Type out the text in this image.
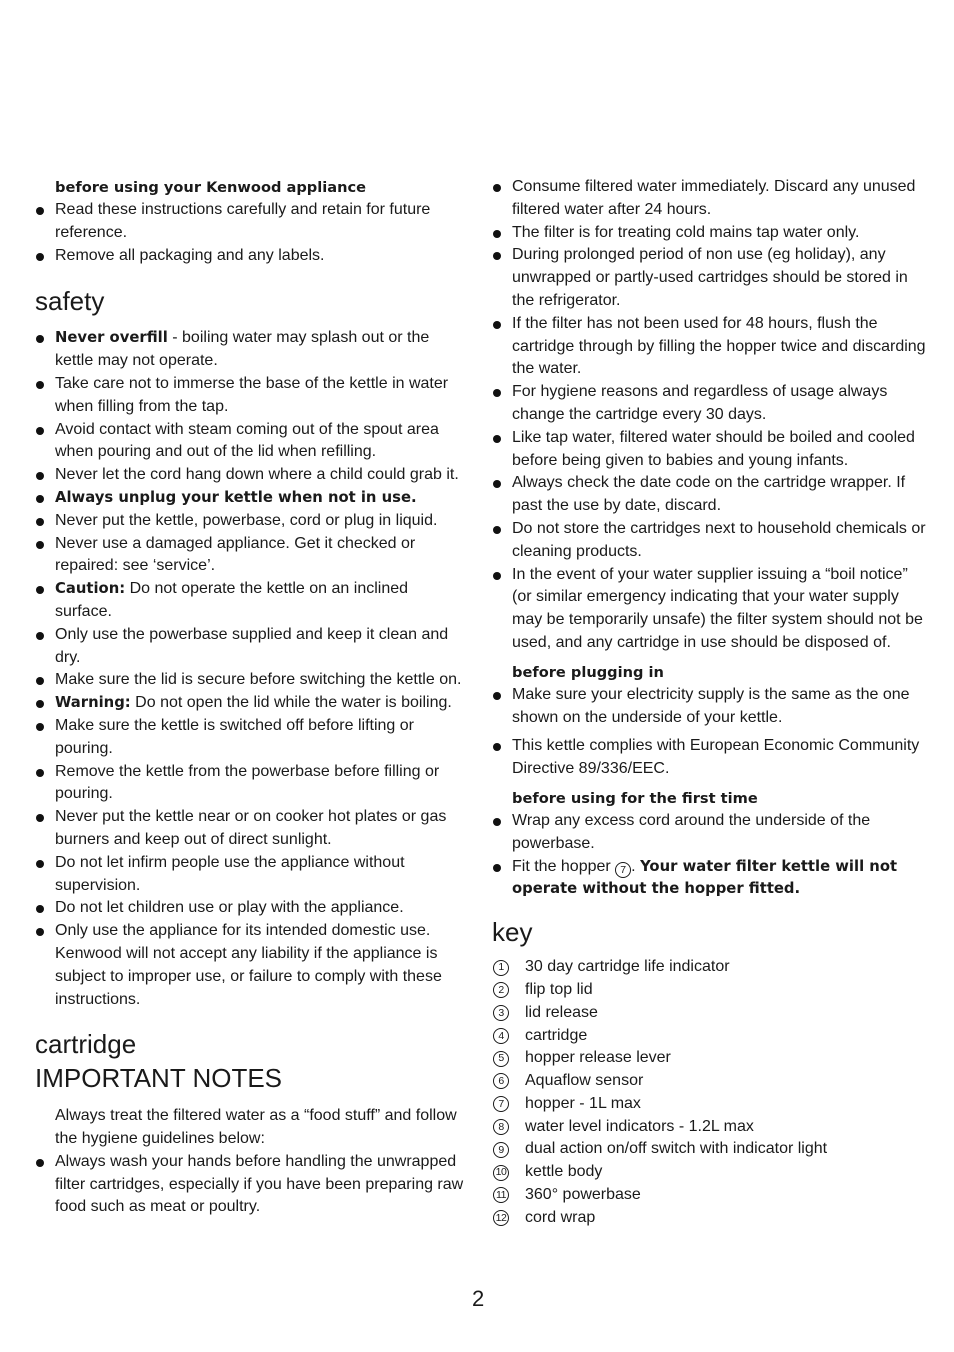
before using your Kenwood appliance
Read these instructions carefully and retain for future reference.
Remove all packaging and any labels.
safety
Never overfill - boiling water may splash out or the kettle may not operate.
Take care not to immerse the base of the kettle in water when filling from the tap.
Avoid contact with steam coming out of the spout area when pouring and out of the lid when refilling.
Never let the cord hang down where a child could grab it.
Always unplug your kettle when not in use.
Never put the kettle, powerbase, cord or plug in liquid.
Never use a damaged appliance. Get it checked or repaired: see ‘service’.
Caution: Do not operate the kettle on an inclined surface.
Only use the powerbase supplied and keep it clean and dry.
Make sure the lid is secure before switching the kettle on.
Warning: Do not open the lid while the water is boiling.
Make sure the kettle is switched off before lifting or pouring.
Remove the kettle from the powerbase before filling or pouring.
Never put the kettle near or on cooker hot plates or gas burners and keep out of direct sunlight.
Do not let infirm people use the appliance without supervision.
Do not let children use or play with the appliance.
Only use the appliance for its intended domestic use. Kenwood will not accept any liability if the appliance is subject to improper use, or failure to comply with these instructions.
cartridge
IMPORTANT NOTES
Always treat the filtered water as a “food stuff” and follow the hygiene guidelines below:
Always wash your hands before handling the unwrapped filter cartridges, especially if you have been preparing raw food such as meat or poultry.
Consume filtered water immediately. Discard any unused filtered water after 24 hours.
The filter is for treating cold mains tap water only.
During prolonged period of non use (eg holiday), any unwrapped or partly-used cartridges should be stored in the refrigerator.
If the filter has not been used for 48 hours, flush the cartridge through by filling the hopper twice and discarding the water.
For hygiene reasons and regardless of usage always change the cartridge every 30 days.
Like tap water, filtered water should be boiled and cooled before being given to babies and young infants.
Always check the date code on the cartridge wrapper. If past the use by date, discard.
Do not store the cartridges next to household chemicals or cleaning products.
In the event of your water supplier issuing a “boil notice” (or similar emergency indicating that your water supply may be temporarily unsafe) the filter system should not be used, and any cartridge in use should be disposed of.
before plugging in
Make sure your electricity supply is the same as the one shown on the underside of your kettle.
This kettle complies with European Economic Community Directive 89/336/EEC.
before using for the first time
Wrap any excess cord around the underside of the powerbase.
Fit the hopper 7 . Your water filter kettle will not operate without the hopper fitted.
key
1	30 day cartridge life indicator
2	flip top lid
3	lid release
4	cartridge
5	hopper release lever
6	Aquaflow sensor
7	hopper - 1L max
8	water level indicators - 1.2L max
9	dual action on/off switch with indicator light
10 kettle body
11 360° powerbase
12 cord wrap
2
